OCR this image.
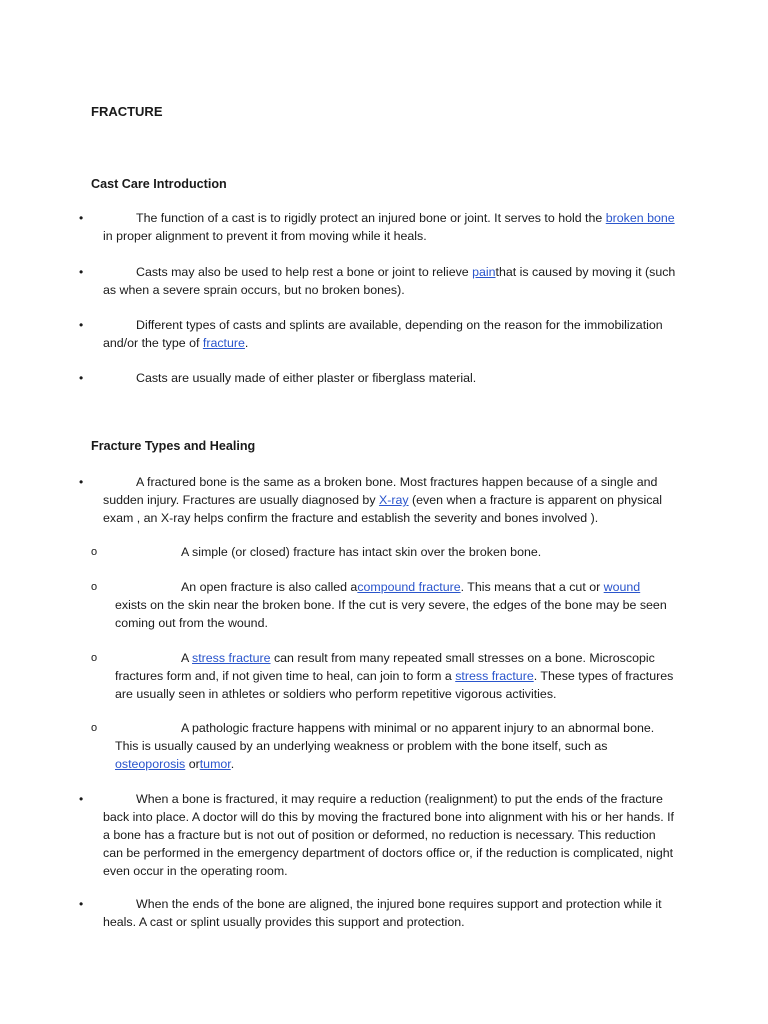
FRACTURE
Cast Care Introduction
•	The function of a cast is to rigidly protect an injured bone or joint. It serves to hold the broken bone in proper alignment to prevent it from moving while it heals.

•	Casts may also be used to help rest a bone or joint to relieve painthat is caused by moving it (such as when a severe sprain occurs, but no broken bones).

•	Different types of casts and splints are available, depending on the reason for the immobilization and/or the type of fracture.

•	Casts are usually made of either plaster or fiberglass material.

Fracture Types and Healing
•	A fractured bone is the same as a broken bone. Most fractures happen because of a single and sudden injury. Fractures are usually diagnosed by X-ray (even when a fracture is apparent on physical exam , an X-ray helps confirm the fracture and establish the severity and bones involved ).

o	A simple (or closed) fracture has intact skin over the broken bone.

o	An open fracture is also called acompound fracture. This means that a cut or wound exists on the skin near the broken bone. If the cut is very severe, the edges of the bone may be seen coming out from the wound.

o	A stress fracture can result from many repeated small stresses on a bone. Microscopic fractures form and, if not given time to heal, can join to form a stress fracture. These types of fractures are usually seen in athletes or soldiers who perform repetitive vigorous activities.

o	A pathologic fracture happens with minimal or no apparent injury to an abnormal bone. This is usually caused by an underlying weakness or problem with the bone itself, such as osteoporosis ortumor.

•	When a bone is fractured, it may require a reduction (realignment) to put the ends of the fracture back into place. A doctor will do this by moving the fractured bone into alignment with his or her hands. If a bone has a fracture but is not out of position or deformed, no reduction is necessary. This reduction can be performed in the emergency department of doctors office or, if the reduction is complicated, night even occur in the operating room.

•	When the ends of the bone are aligned, the injured bone requires support and protection while it heals. A cast or splint usually provides this support and protection.
